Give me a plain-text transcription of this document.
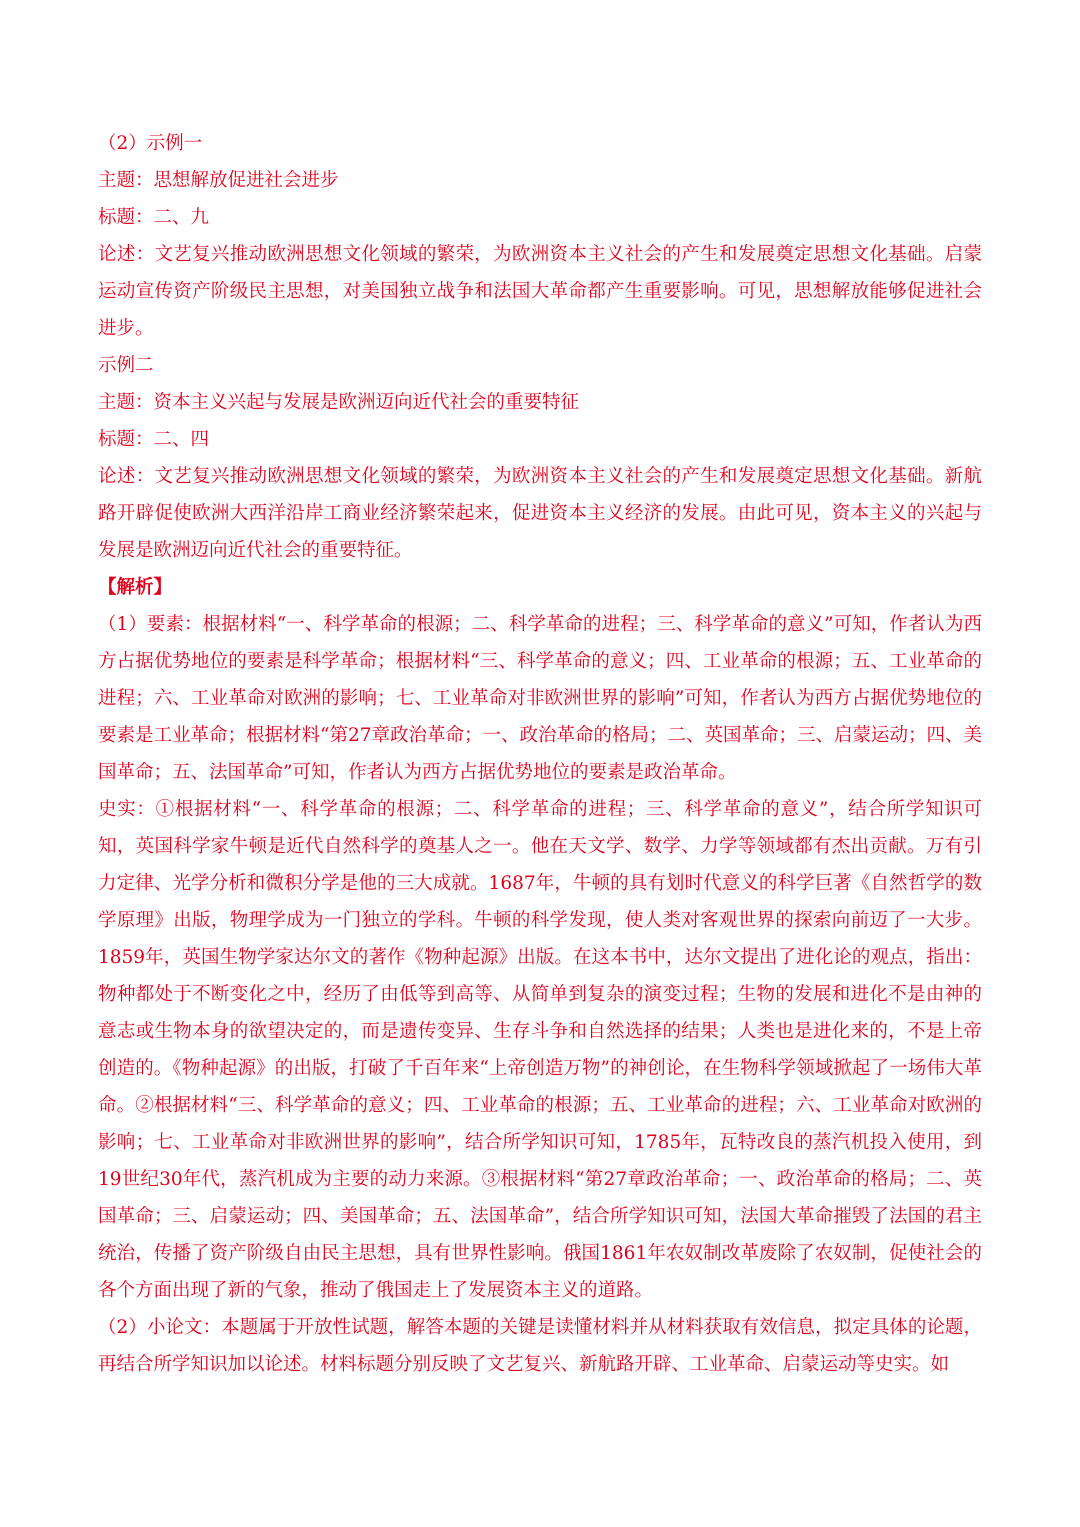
（2）示例一

主题：思想解放促进社会进步

标题：二、九

论述：文艺复兴推动欧洲思想文化领域的繁荣，为欧洲资本主义社会的产生和发展奠定思想文化基础。启蒙运动宣传资产阶级民主思想，对美国独立战争和法国大革命都产生重要影响。可见，思想解放能够促进社会进步。

示例二

主题：资本主义兴起与发展是欧洲迈向近代社会的重要特征

标题：二、四

论述：文艺复兴推动欧洲思想文化领域的繁荣，为欧洲资本主义社会的产生和发展奠定思想文化基础。新航路开辟促使欧洲大西洋沿岸工商业经济繁荣起来，促进资本主义经济的发展。由此可见，资本主义的兴起与发展是欧洲迈向近代社会的重要特征。

【解析】

（1）要素：根据材料“一、科学革命的根源；二、科学革命的进程；三、科学革命的意义”可知，作者认为西方占据优势地位的要素是科学革命；根据材料“三、科学革命的意义；四、工业革命的根源；五、工业革命的进程；六、工业革命对欧洲的影响；七、工业革命对非欧洲世界的影响”可知，作者认为西方占据优势地位的要素是工业革命；根据材料“第27章政治革命；一、政治革命的格局；二、英国革命；三、启蒙运动；四、美国革命；五、法国革命”可知，作者认为西方占据优势地位的要素是政治革命。

史实：①根据材料“一、科学革命的根源；二、科学革命的进程；三、科学革命的意义”，结合所学知识可知，英国科学家牛顿是近代自然科学的奠基人之一。他在天文学、数学、力学等领域都有杰出贡献。万有引力定律、光学分析和微积分学是他的三大成就。1687年，牛顿的具有划时代意义的科学巨著《自然哲学的数学原理》出版，物理学成为一门独立的学科。牛顿的科学发现，使人类对客观世界的探索向前迈了一大步。1859年，英国生物学家达尔文的著作《物种起源》出版。在这本书中，达尔文提出了进化论的观点，指出：物种都处于不断变化之中，经历了由低等到高等、从简单到复杂的演变过程；生物的发展和进化不是由神的意志或生物本身的欲望决定的，而是遗传变异、生存斗争和自然选择的结果；人类也是进化来的，不是上帝创造的。《物种起源》的出版，打破了千百年来“上帝创造万物”的神创论，在生物科学领域掀起了一场伟大革命。②根据材料“三、科学革命的意义；四、工业革命的根源；五、工业革命的进程；六、工业革命对欧洲的影响；七、工业革命对非欧洲世界的影响”，结合所学知识可知，1785年，瓦特改良的蒸汽机投入使用，到19世纪30年代，蒸汽机成为主要的动力来源。③根据材料“第27章政治革命；一、政治革命的格局；二、英国革命；三、启蒙运动；四、美国革命；五、法国革命”，结合所学知识可知，法国大革命摧毁了法国的君主统治，传播了资产阶级自由民主思想，具有世界性影响。俄国1861年农奴制改革废除了农奴制，促使社会的各个方面出现了新的气象，推动了俄国走上了发展资本主义的道路。

（2）小论文：本题属于开放性试题，解答本题的关键是读懂材料并从材料获取有效信息，拟定具体的论题，再结合所学知识加以论述。材料标题分别反映了文艺复兴、新航路开辟、工业革命、启蒙运动等史实。如
